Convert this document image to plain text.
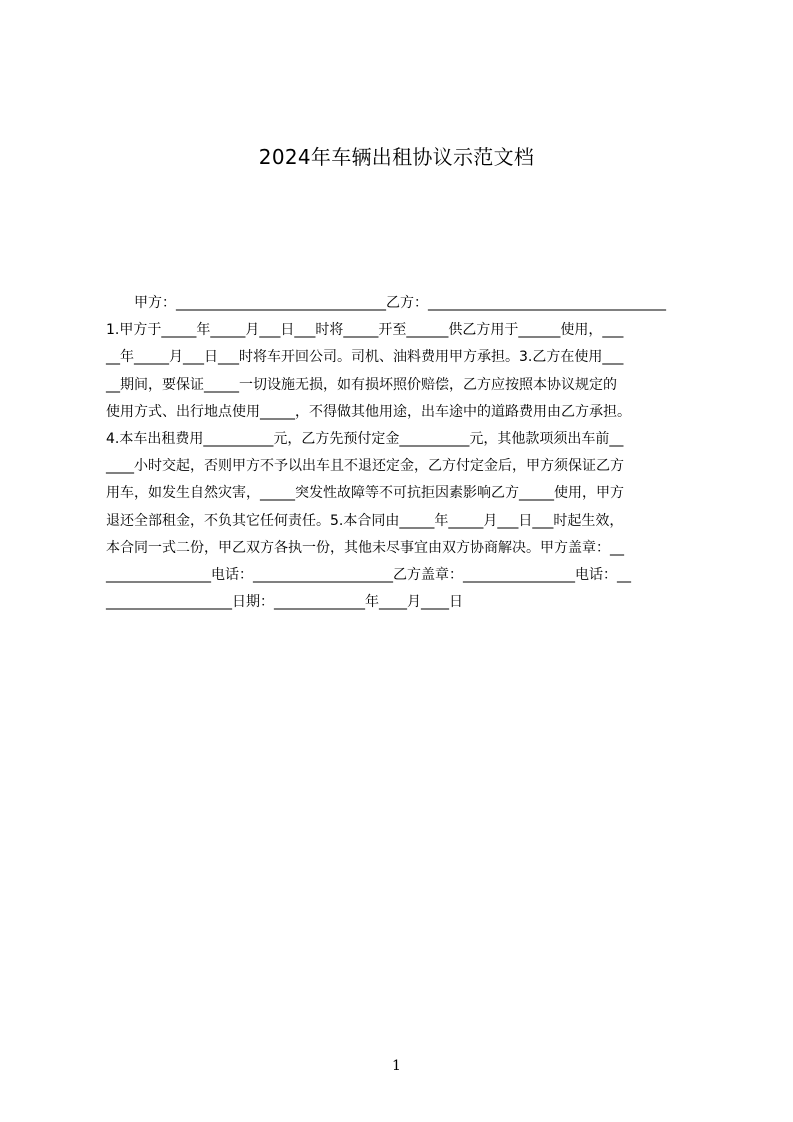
2024年车辆出租协议示范文档
　　甲方：______________________________乙方：__________________________________
1.甲方于_____年_____月___日___时将_____开至______供乙方用于______使用，___
__年_____月___日___时将车开回公司。司机、油料费用甲方承担。3.乙方在使用___
__期间，要保证_____一切设施无损，如有损坏照价赔偿，乙方应按照本协议规定的
使用方式、出行地点使用_____，不得做其他用途，出车途中的道路费用由乙方承担。
4.本车出租费用__________元，乙方先预付定金__________元，其他款项须出车前__
____小时交起，否则甲方不予以出车且不退还定金，乙方付定金后，甲方须保证乙方
用车，如发生自然灾害，_____突发性故障等不可抗拒因素影响乙方_____使用，甲方
退还全部租金，不负其它任何责任。5.本合同由_____年_____月___日___时起生效，
本合同一式二份，甲乙双方各执一份，其他未尽事宜由双方协商解决。甲方盖章：__
_______________电话：____________________乙方盖章：________________电话：__
__________________日期：_____________年____月____日
1
